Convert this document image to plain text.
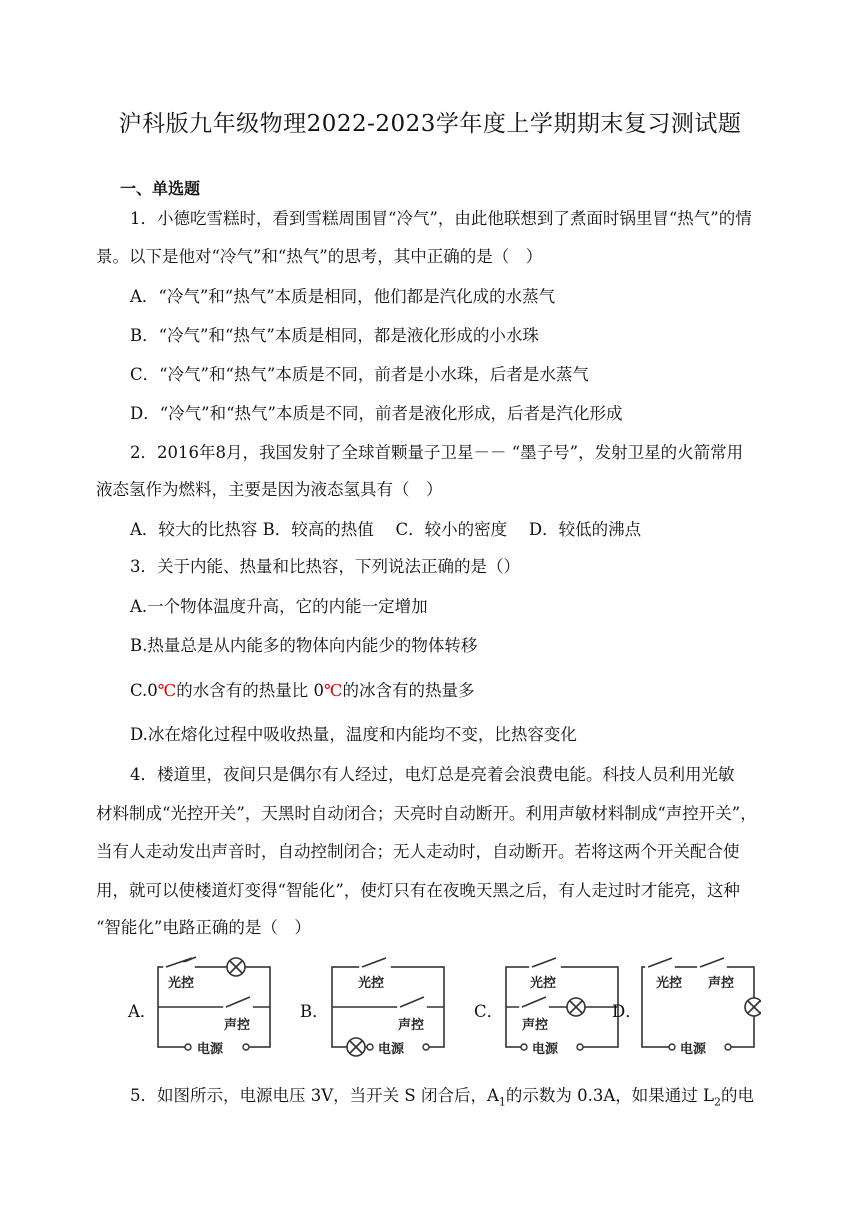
沪科版九年级物理2022-2023学年度上学期期末复习测试题
一、单选题
1．小德吃雪糕时，看到雪糕周围冒“冷气”，由此他联想到了煮面时锅里冒“热气”的情
景。以下是他对“冷气”和“热气”的思考，其中正确的是（　）
A．“冷气”和“热气”本质是相同，他们都是汽化成的水蒸气
B．“冷气”和“热气”本质是相同，都是液化形成的小水珠
C．“冷气”和“热气”本质是不同，前者是小水珠，后者是水蒸气
D．“冷气”和“热气”本质是不同，前者是液化形成，后者是汽化形成
2．2016年8月，我国发射了全球首颗量子卫星－－ “墨子号”，发射卫星的火箭常用
液态氢作为燃料，主要是因为液态氢具有（　）
A．较大的比热容 B．较高的热值　 C．较小的密度　 D．较低的沸点
3．关于内能、热量和比热容，下列说法正确的是（）
A.一个物体温度升高，它的内能一定增加
B.热量总是从内能多的物体向内能少的物体转移
C.0℃的水含有的热量比 0℃的冰含有的热量多
D.冰在熔化过程中吸收热量，温度和内能均不变，比热容变化
4．楼道里，夜间只是偶尔有人经过，电灯总是亮着会浪费电能。科技人员利用光敏
材料制成“光控开关”，天黑时自动闭合；天亮时自动断开。利用声敏材料制成“声控开关”，
当有人走动发出声音时，自动控制闭合；无人走动时，自动断开。若将这两个开关配合使
用，就可以使楼道灯变得“智能化”，使灯只有在夜晚天黑之后，有人走过时才能亮，这种
“智能化”电路正确的是（　）
A．
光控
声控
电源
B．
光控
声控
电源
C．
光控
声控
电源
D．
光控 声控
电源
5．如图所示，电源电压 3V，当开关 S 闭合后，$A_1$的示数为 0.3A，如果通过 $L_2$的电
